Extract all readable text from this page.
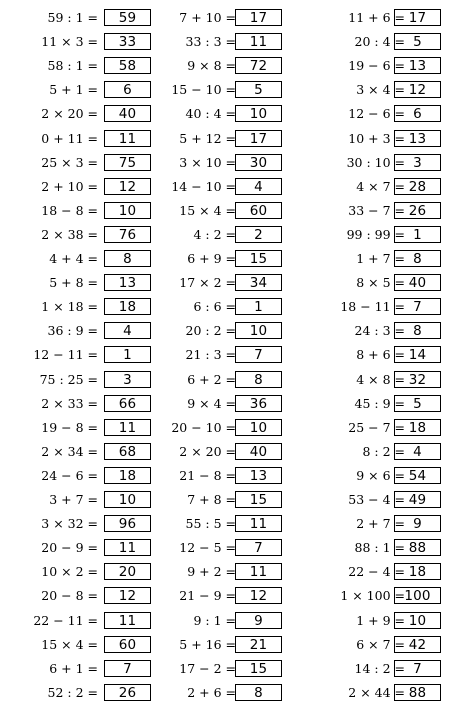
59 : 1 =	59
11 × 3 =	33
58 : 1 =	58
5 + 1 =	6
2 × 20 =	40
0 + 11 =	11
25 × 3 =	75
2 + 10 =	12
18 − 8 =	10
2 × 38 =	76
4 + 4 =	8
5 + 8 =	13
1 × 18 =	18
36 : 9 =	4
12 − 11 =	1
75 : 25 =	3
2 × 33 =	66
19 − 8 =	11
2 × 34 =	68
24 − 6 =	18
3 + 7 =	10
3 × 32 =	96
20 − 9 =	11
10 × 2 =	20
20 − 8 =	12
22 − 11 =	11
15 × 4 =	60
6 + 1 =	7
52 : 2 =	26
7 + 10 =	17
33 : 3 =	11
9 × 8 =	72
15 − 10 =	5
40 : 4 =	10
5 + 12 =	17
3 × 10 =	30
14 − 10 =	4
15 × 4 =	60
4 : 2 =	2
6 + 9 =	15
17 × 2 =	34
6 : 6 =	1
20 : 2 =	10
21 : 3 =	7
6 + 2 =	8
9 × 4 =	36
20 − 10 =	10
2 × 20 =	40
21 − 8 =	13
7 + 8 =	15
55 : 5 =	11
12 − 5 =	7
9 + 2 =	11
21 − 9 =	12
9 : 1 =	9
5 + 16 =	21
17 − 2 =	15
2 + 6 =	8
11 + 6 = 17
20 : 4 = 5
19 − 6 = 13
3 × 4 = 12
12 − 6 = 6
10 + 3 = 13
30 : 10 = 3
4 × 7 = 28
33 − 7 = 26
99 : 99 = 1
1 + 7 = 8
8 × 5 = 40
18 − 11 = 7
24 : 3 = 8
8 + 6 = 14
4 × 8 = 32
45 : 9 = 5
25 − 7 = 18
8 : 2 = 4
9 × 6 = 54
53 − 4 = 49
2 + 7 = 9
88 : 1 = 88
22 − 4 = 18
1 × 100 = 100
1 + 9 = 10
6 × 7 = 42
14 : 2 = 7
2 × 44 = 88
